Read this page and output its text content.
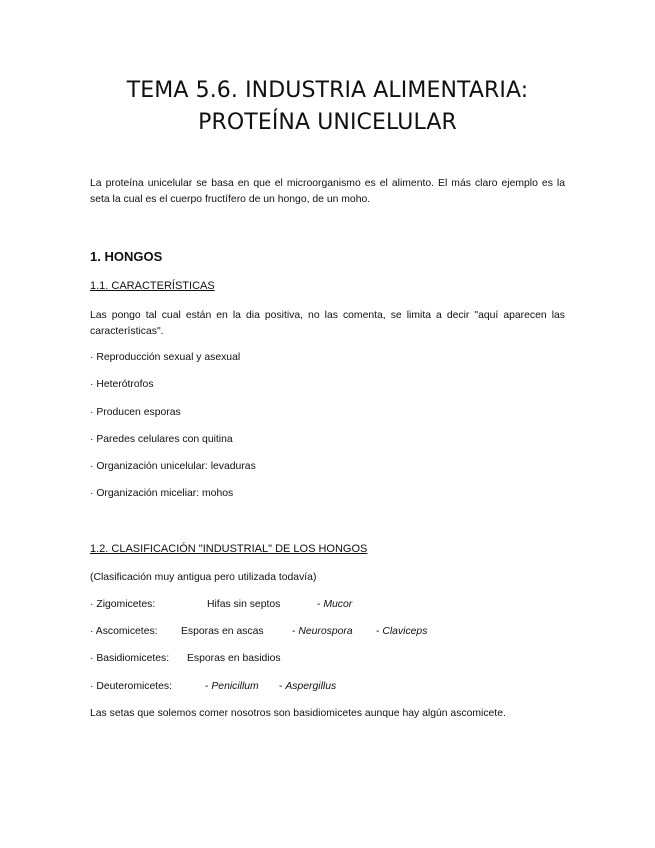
TEMA 5.6. INDUSTRIA ALIMENTARIA:
PROTEÍNA UNICELULAR
La proteína unicelular se basa en que el microorganismo es el alimento. El más claro ejemplo es la seta la cual es el cuerpo fructífero de un hongo, de un moho.
1. HONGOS
1.1. CARACTERÍSTICAS
Las pongo tal cual están en la dia positiva, no las comenta, se limita a decir "aquí aparecen las características".
· Reproducción sexual y asexual
· Heterótrofos
· Producen esporas
· Paredes celulares con quitina
· Organización unicelular: levaduras
· Organización miceliar: mohos
1.2. CLASIFICACIÓN "INDUSTRIAL" DE LOS HONGOS
(Clasificación muy antigua pero utilizada todavía)
· Zigomicetes:	Hifas sin septos	- Mucor
· Ascomicetes: Esporas en ascas	- Neurospora - Claviceps
· Basidiomicetes: Esporas en basidios
· Deuteromicetes:	- Penicillum - Aspergillus
Las setas que solemos comer nosotros son basidiomicetes aunque hay algún ascomicete.
